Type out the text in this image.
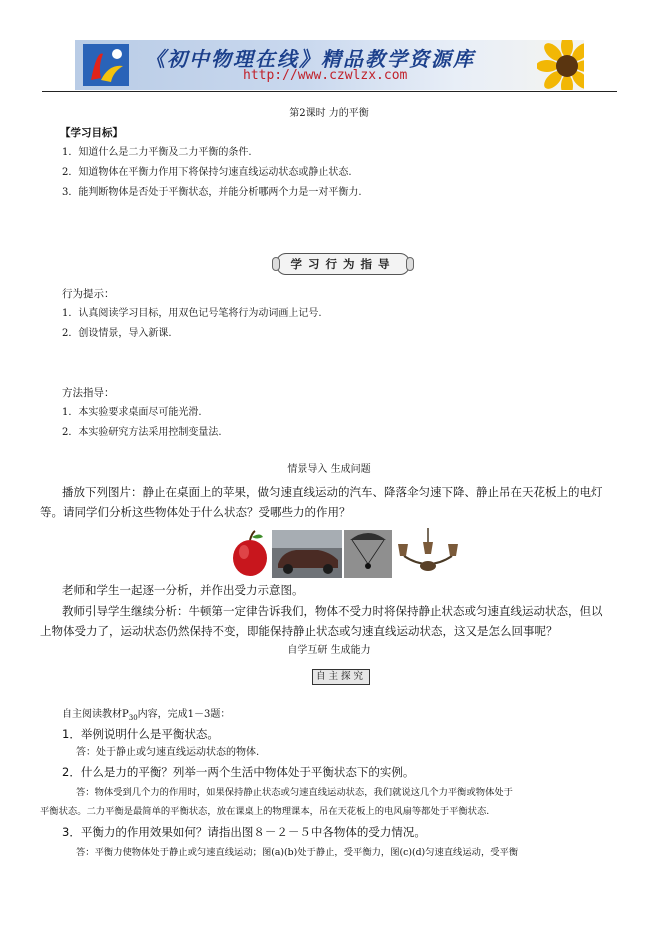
《初中物理在线》精品教学资源库
http://www.czwlzx.com
第2课时 力的平衡
【学习目标】
1．知道什么是二力平衡及二力平衡的条件.
2．知道物体在平衡力作用下将保持匀速直线运动状态或静止状态.
3．能判断物体是否处于平衡状态，并能分析哪两个力是一对平衡力.
学习行为指导
行为提示：
1．认真阅读学习目标，用双色记号笔将行为动词画上记号.
2．创设情景，导入新课.
方法指导：
1．本实验要求桌面尽可能光滑.
2．本实验研究方法采用控制变量法.
情景导入 生成问题
播放下列图片：静止在桌面上的苹果，做匀速直线运动的汽车、降落伞匀速下降、静止吊在天花板上的电灯
等。请同学们分析这些物体处于什么状态？受哪些力的作用？
老师和学生一起逐一分析，并作出受力示意图。
教师引导学生继续分析：牛顿第一定律告诉我们，物体不受力时将保持静止状态或匀速直线运动状态，但以
上物体受力了，运动状态仍然保持不变，即能保持静止状态或匀速直线运动状态，这又是怎么回事呢？
自学互研 生成能力
自主探究
自主阅读教材$P_{30}$内容，完成1－3题：
1．举例说明什么是平衡状态。
答：处于静止或匀速直线运动状态的物体.
2．什么是力的平衡？列举一两个生活中物体处于平衡状态下的实例。
答：物体受到几个力的作用时，如果保持静止状态或匀速直线运动状态，我们就说这几个力平衡或物体处于
平衡状态。二力平衡是最简单的平衡状态，放在课桌上的物理课本，吊在天花板上的电风扇等都处于平衡状态.
3．平衡力的作用效果如何？请指出图８－２－５中各物体的受力情况。
答：平衡力使物体处于静止或匀速直线运动；图(a)(b)处于静止，受平衡力，图(c)(d)匀速直线运动，受平衡
